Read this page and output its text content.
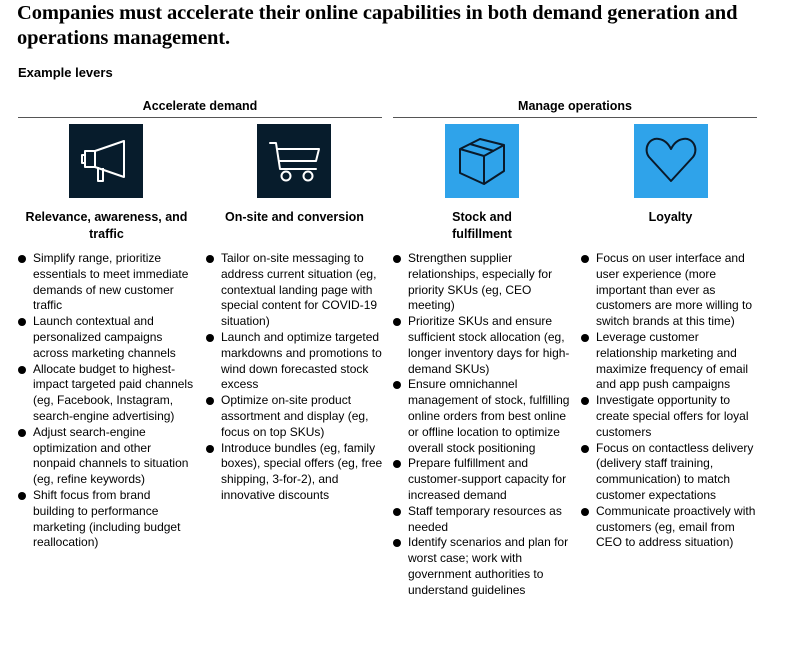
Companies must accelerate their online capabilities in both demand generation and operations management.
Example levers
Accelerate demand	Manage operations
Relevance, awareness, and traffic
On-site and conversion	Stock and fulfillment
Loyalty
Simplify range, prioritize essentials to meet immediate demands of new customer traffic
Launch contextual and personalized campaigns across marketing channels
Allocate budget to highest-impact targeted paid channels (eg, Facebook, Instagram, search-engine advertising)
Adjust search-engine optimization and other nonpaid channels to situation (eg, refine keywords)
Shift focus from brand building to performance marketing (including budget reallocation)
Tailor on-site messaging to address current situation (eg, contextual landing page with special content for COVID-19 situation)
Launch and optimize targeted markdowns and promotions to wind down forecasted stock excess
Optimize on-site product assortment and display (eg, focus on top SKUs)
Introduce bundles (eg, family boxes), special offers (eg, free shipping, 3-for-2), and innovative discounts
Strengthen supplier relationships, especially for priority SKUs (eg, CEO meeting)
Prioritize SKUs and ensure sufficient stock allocation (eg, longer inventory days for high-demand SKUs)
Ensure omnichannel management of stock, fulfilling online orders from best online or offline location to optimize overall stock positioning
Prepare fulfillment and customer-support capacity for increased demand
Staff temporary resources as needed
Identify scenarios and plan for worst case; work with government authorities to understand guidelines
Focus on user interface and user experience (more important than ever as customers are more willing to switch brands at this time)
Leverage customer relationship marketing and maximize frequency of email and app push campaigns
Investigate opportunity to create special offers for loyal customers
Focus on contactless delivery (delivery staff training, communication) to match customer expectations
Communicate proactively with customers (eg, email from CEO to address situation)
